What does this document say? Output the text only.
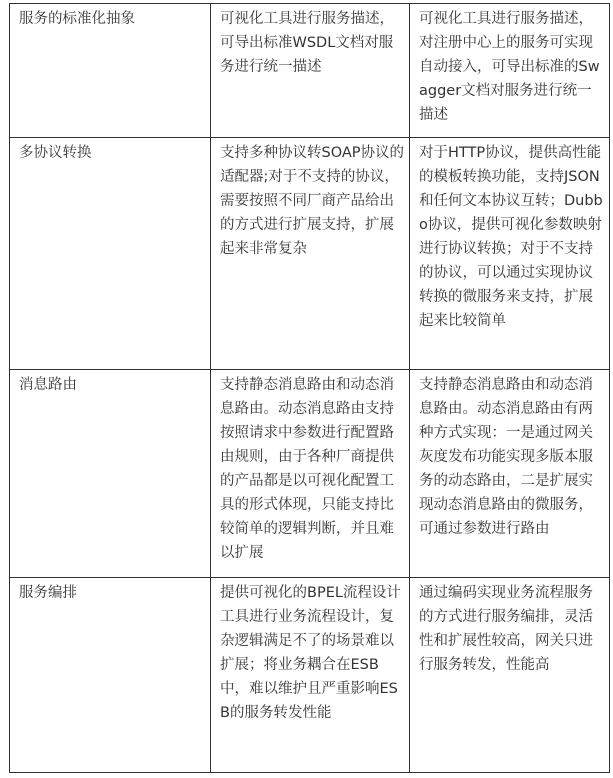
服务的标准化抽象	可视化工具进行服务描述，可导出标准WSDL文档对服务进行统一描述	可视化工具进行服务描述，对注册中心上的服务可实现自动接入，可导出标准的Swagger文档对服务进行统一描述
多协议转换	支持多种协议转SOAP协议的适配器;对于不支持的协议，需要按照不同厂商产品给出的方式进行扩展支持，扩展起来非常复杂	对于HTTP协议，提供高性能的模板转换功能，支持JSON和任何文本协议互转；Dubbo协议，提供可视化参数映射进行协议转换；对于不支持的协议，可以通过实现协议转换的微服务来支持，扩展起来比较简单
消息路由	支持静态消息路由和动态消息路由。动态消息路由支持按照请求中参数进行配置路由规则，由于各种厂商提供的产品都是以可视化配置工具的形式体现，只能支持比较简单的逻辑判断，并且难以扩展	支持静态消息路由和动态消息路由。动态消息路由有两种方式实现：一是通过网关灰度发布功能实现多版本服务的动态路由，二是扩展实现动态消息路由的微服务，可通过参数进行路由
服务编排	提供可视化的BPEL流程设计工具进行业务流程设计，复杂逻辑满足不了的场景难以扩展；将业务耦合在ESB中，难以维护且严重影响ESB的服务转发性能	通过编码实现业务流程服务的方式进行服务编排，灵活性和扩展性较高，网关只进行服务转发，性能高
